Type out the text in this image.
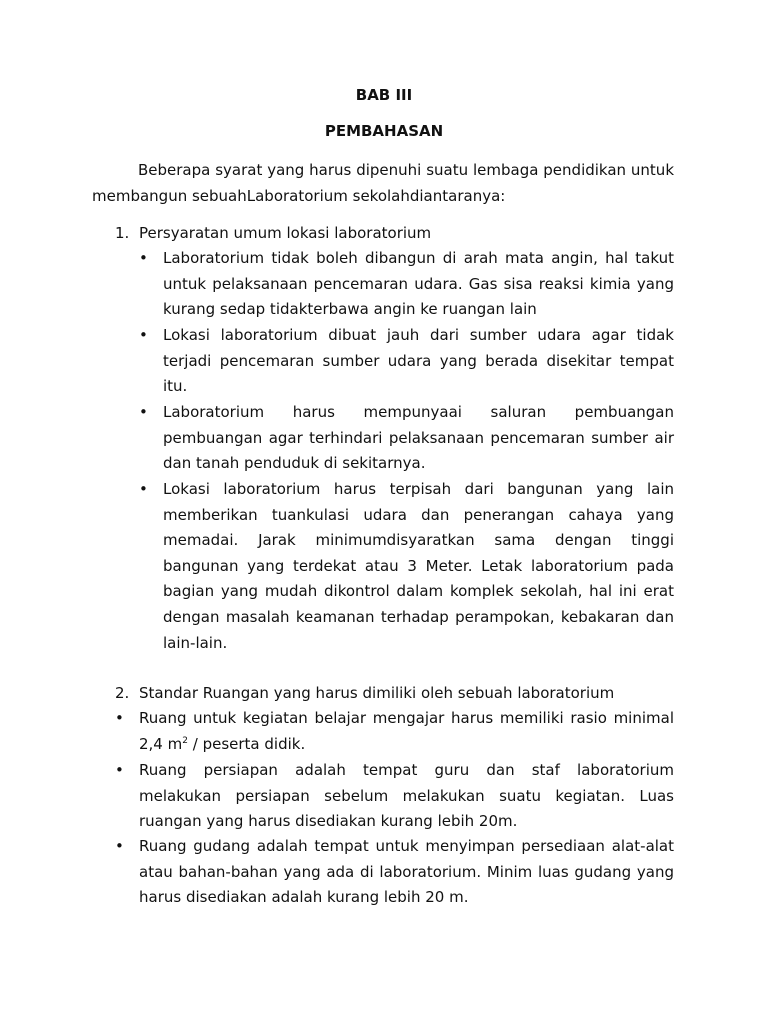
BAB III
PEMBAHASAN

Beberapa syarat yang harus dipenuhi suatu lembaga pendidikan untuk membangun sebuahLaboratorium sekolahdiantaranya:

1. Persyaratan umum lokasi laboratorium
• Laboratorium tidak boleh dibangun di arah mata angin, hal takut untuk pelaksanaan pencemaran udara. Gas sisa reaksi kimia yang kurang sedap tidakterbawa angin ke ruangan lain

• Lokasi laboratorium dibuat jauh dari sumber udara agar tidak terjadi pencemaran sumber udara yang berada disekitar tempat itu.

• Laboratorium harus mempunyaai saluran pembuangan pembuangan agar terhindari pelaksanaan pencemaran sumber air dan tanah penduduk di sekitarnya.

• Lokasi laboratorium harus terpisah dari bangunan yang lain memberikan tuankulasi udara dan penerangan cahaya yang memadai. Jarak minimumdisyaratkan sama dengan tinggi bangunan yang terdekat atau 3 Meter. Letak laboratorium pada bagian yang mudah dikontrol dalam komplek sekolah, hal ini erat dengan masalah keamanan terhadap perampokan, kebakaran dan lain-lain.

2. Standar Ruangan yang harus dimiliki oleh sebuah laboratorium
• Ruang untuk kegiatan belajar mengajar harus memiliki rasio minimal 2,4 $m^2$ / peserta didik.

• Ruang persiapan adalah tempat guru dan staf laboratorium melakukan persiapan sebelum melakukan suatu kegiatan. Luas ruangan yang harus disediakan kurang lebih 20m.

• Ruang gudang adalah tempat untuk menyimpan persediaan alat-alat atau bahan-bahan yang ada di laboratorium. Minim luas gudang yang harus disediakan adalah kurang lebih 20 m.
